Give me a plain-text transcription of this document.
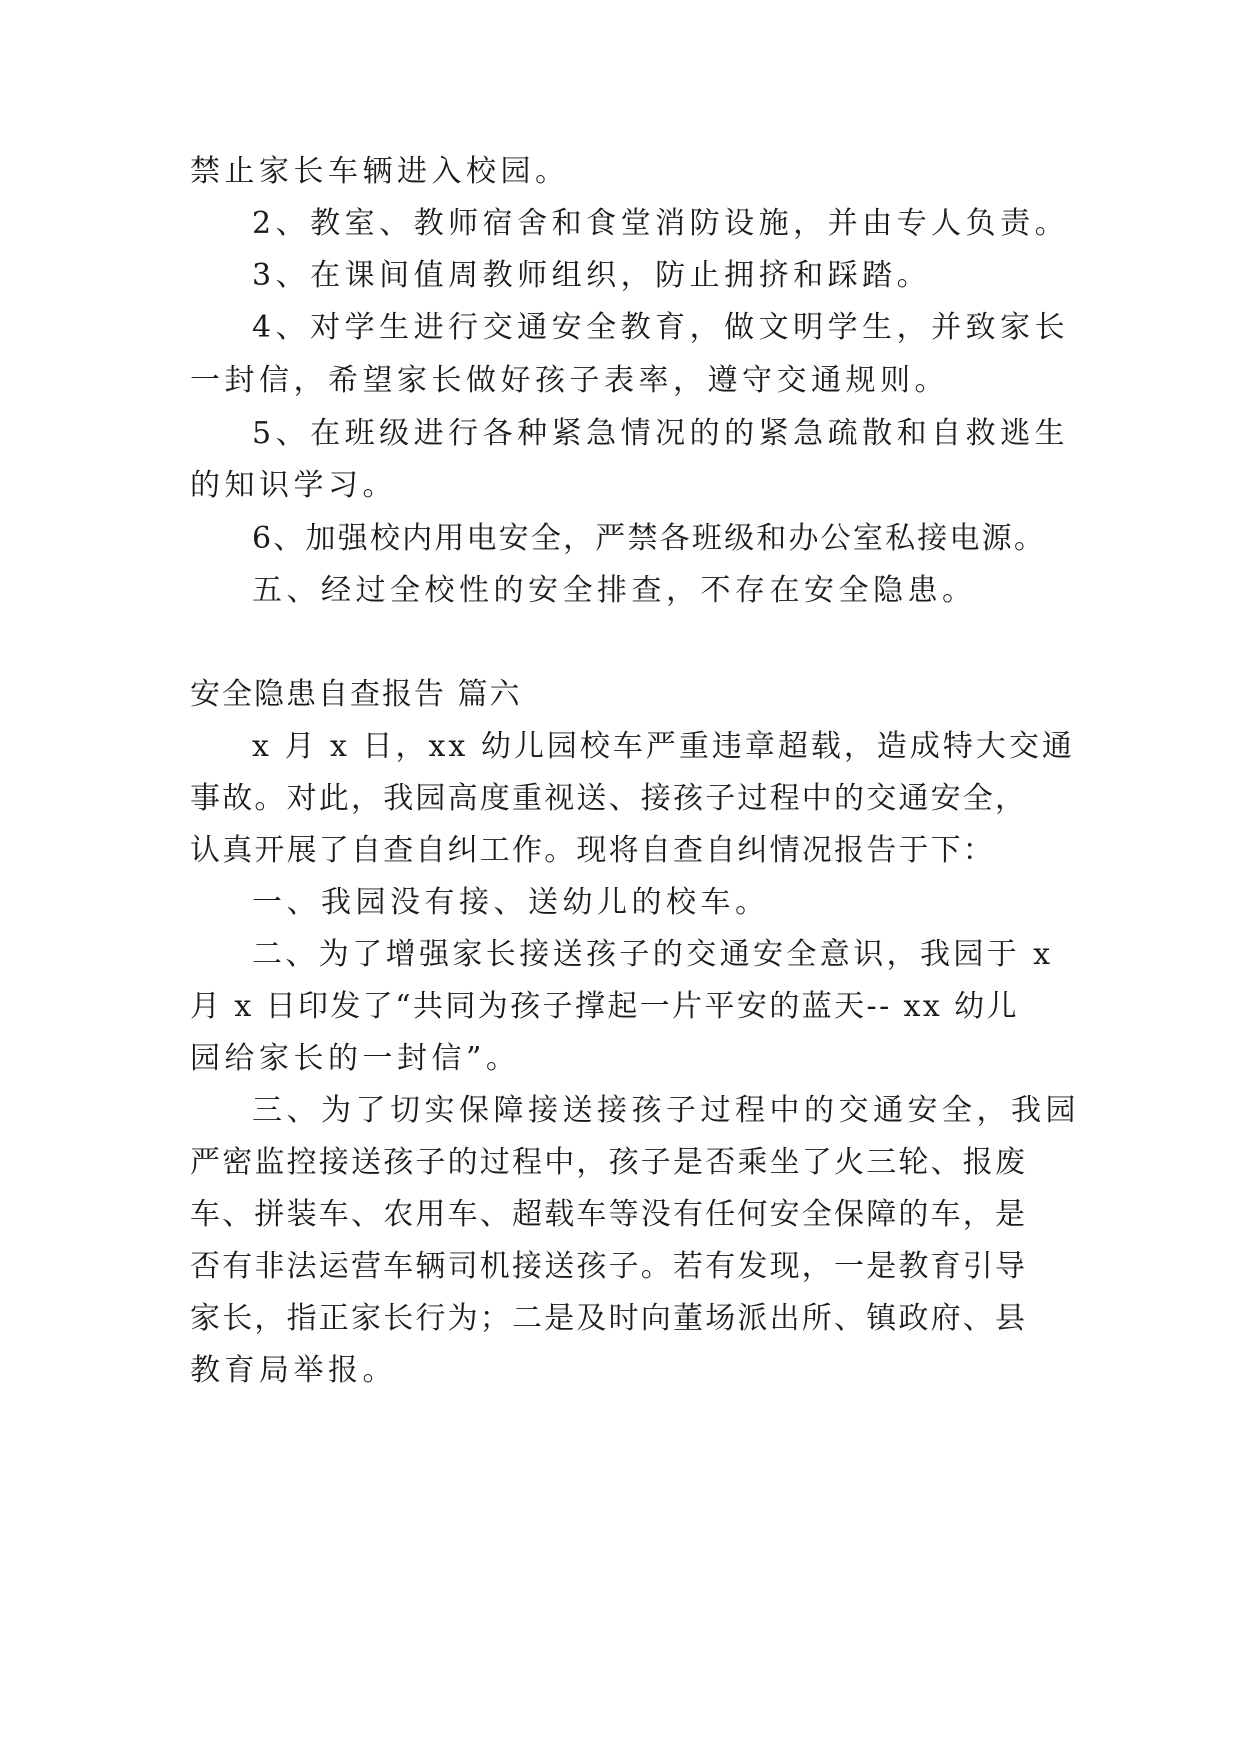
禁止家长车辆进入校园。
2、教室、教师宿舍和食堂消防设施，并由专人负责。
3、在课间值周教师组织，防止拥挤和踩踏。
4、对学生进行交通安全教育，做文明学生，并致家长
一封信，希望家长做好孩子表率，遵守交通规则。
5、在班级进行各种紧急情况的的紧急疏散和自救逃生
的知识学习。
6、加强校内用电安全，严禁各班级和办公室私接电源。
五、经过全校性的安全排查，不存在安全隐患。
安全隐患自查报告 篇六
x 月 x 日，xx 幼儿园校车严重违章超载，造成特大交通
事故。对此，我园高度重视送、接孩子过程中的交通安全，
认真开展了自查自纠工作。现将自查自纠情况报告于下：
一、我园没有接、送幼儿的校车。
二、为了增强家长接送孩子的交通安全意识，我园于 x
月 x 日印发了“共同为孩子撑起一片平安的蓝天-- xx 幼儿
园给家长的一封信”。
三、为了切实保障接送接孩子过程中的交通安全，我园
严密监控接送孩子的过程中，孩子是否乘坐了火三轮、报废
车、拼装车、农用车、超载车等没有任何安全保障的车，是
否有非法运营车辆司机接送孩子。若有发现，一是教育引导
家长，指正家长行为；二是及时向董场派出所、镇政府、县
教育局举报。
